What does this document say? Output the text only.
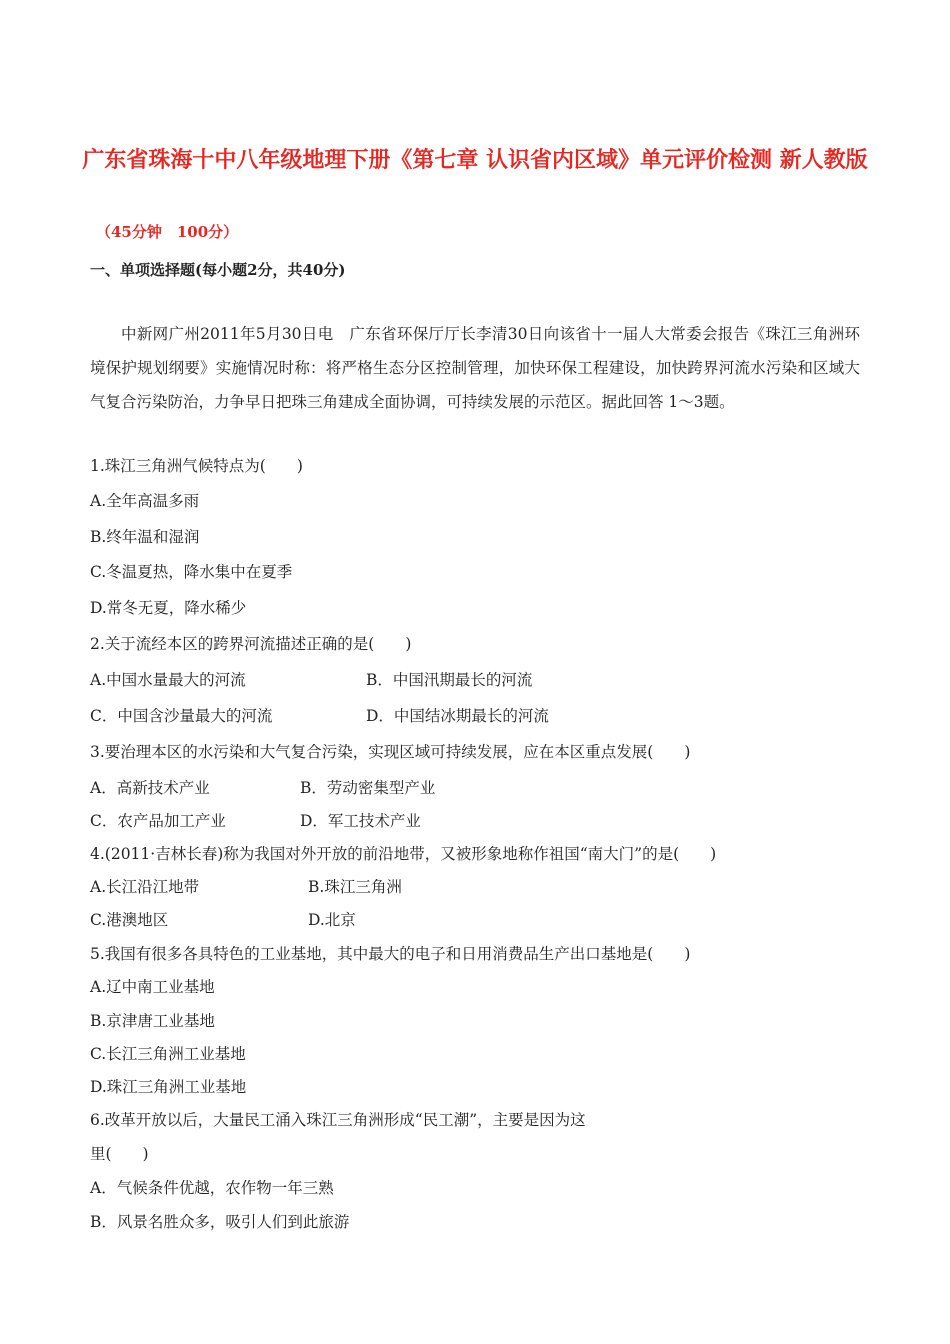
广东省珠海十中八年级地理下册《第七章 认识省内区域》单元评价检测 新人教版
（45分钟　100分）
一、单项选择题(每小题2分，共40分)
中新网广州2011年5月30日电　广东省环保厅厅长李清30日向该省十一届人大常委会报告《珠江三角洲环境保护规划纲要》实施情况时称：将严格生态分区控制管理，加快环保工程建设，加快跨界河流水污染和区域大气复合污染防治，力争早日把珠三角建成全面协调，可持续发展的示范区。据此回答 1～3题。
1.珠江三角洲气候特点为(　　)
A.全年高温多雨
B.终年温和湿润
C.冬温夏热，降水集中在夏季
D.常冬无夏，降水稀少
2.关于流经本区的跨界河流描述正确的是(　　)
A.中国水量最大的河流	B．中国汛期最长的河流
C．中国含沙量最大的河流	D．中国结冰期最长的河流
3.要治理本区的水污染和大气复合污染，实现区域可持续发展，应在本区重点发展(　　)
A．高新技术产业	B．劳动密集型产业
C．农产品加工产业	D．军工技术产业
4.(2011·吉林长春)称为我国对外开放的前沿地带，又被形象地称作祖国“南大门”的是(　　)
A.长江沿江地带	B.珠江三角洲
C.港澳地区	D.北京
5.我国有很多各具特色的工业基地，其中最大的电子和日用消费品生产出口基地是(　　)
A.辽中南工业基地
B.京津唐工业基地
C.长江三角洲工业基地
D.珠江三角洲工业基地
6.改革开放以后，大量民工涌入珠江三角洲形成“民工潮”，主要是因为这
里(　　)
A．气候条件优越，农作物一年三熟
B．风景名胜众多，吸引人们到此旅游
